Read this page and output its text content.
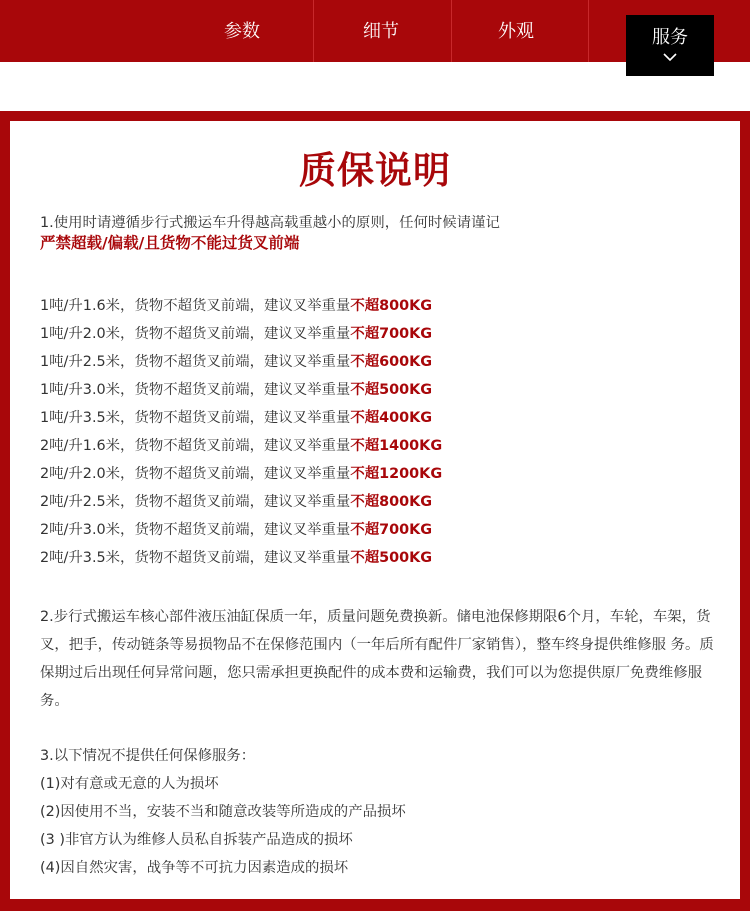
参数	细节	外观	服务
质保说明
1.使用时请遵循步行式搬运车升得越高载重越小的原则，任何时候请谨记
严禁超载/偏载/且货物不能过货叉前端
1吨/升1.6米，货物不超货叉前端，建议叉举重量不超800KG
1吨/升2.0米，货物不超货叉前端，建议叉举重量不超700KG
1吨/升2.5米，货物不超货叉前端，建议叉举重量不超600KG
1吨/升3.0米，货物不超货叉前端，建议叉举重量不超500KG
1吨/升3.5米，货物不超货叉前端，建议叉举重量不超400KG
2吨/升1.6米，货物不超货叉前端，建议叉举重量不超1400KG
2吨/升2.0米，货物不超货叉前端，建议叉举重量不超1200KG
2吨/升2.5米，货物不超货叉前端，建议叉举重量不超800KG
2吨/升3.0米，货物不超货叉前端，建议叉举重量不超700KG
2吨/升3.5米，货物不超货叉前端，建议叉举重量不超500KG
2.步行式搬运车核心部件液压油缸保质一年，质量问题免费换新。储电池保修期限6个月，车轮，车架，货叉，把手，传动链条等易损物品不在保修范围内（一年后所有配件厂家销售），整车终身提供维修服 务。质保期过后出现任何异常问题，您只需承担更换配件的成本费和运输费，我们可以为您提供原厂免费维修服务。
3.以下情况不提供任何保修服务：
(1)对有意或无意的人为损坏
(2)因使用不当，安装不当和随意改装等所造成的产品损坏
(3 )非官方认为维修人员私自拆装产品造成的损坏
(4)因自然灾害，战争等不可抗力因素造成的损坏
